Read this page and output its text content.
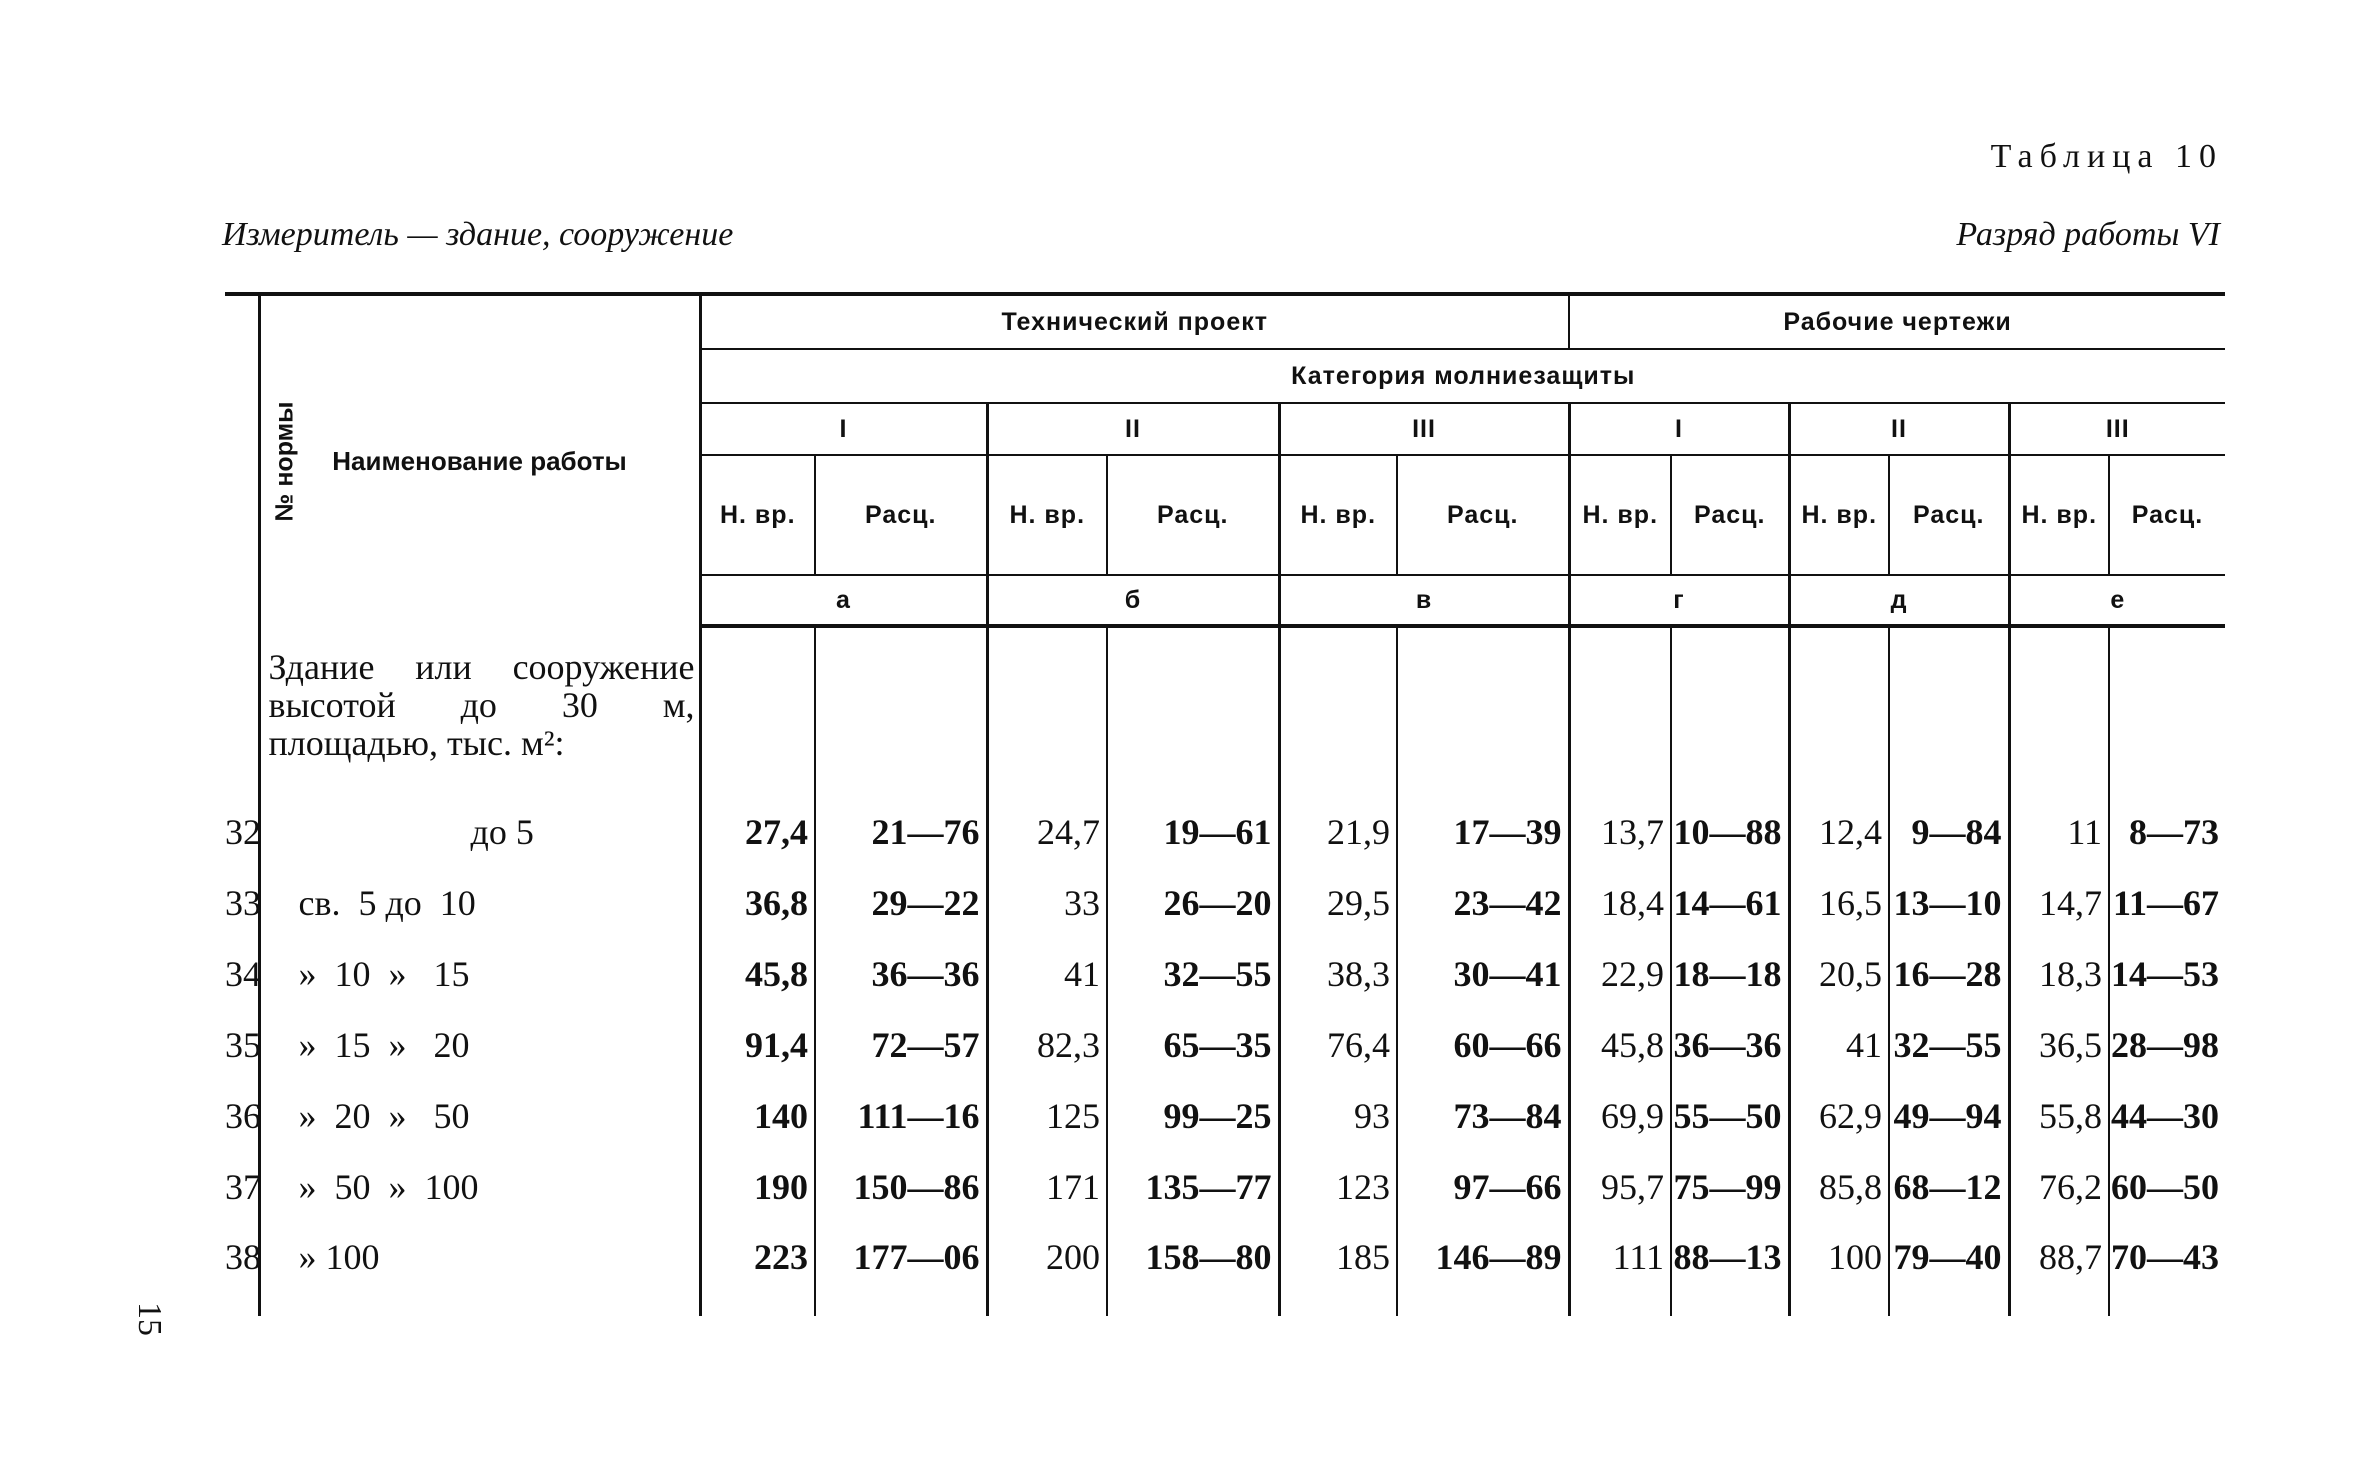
Таблица 10
Измеритель — здание, сооружение	Разряд работы VI
№ нормы	Наименование работы	Технический проект						Рабочие чертежи					
		Категория молниезащиты											
		I		II		III		I		II		III	
		Н. вр.	Расц.	Н. вр.	Расц.	Н. вр.	Расц.	Н. вр.	Расц.	Н. вр.	Расц.	Н. вр.	Расц.
		а		б		в		г		д		е	
	Здание или сооружение высотой до 30 м, площадью, тыс. м²:												
32	до 5	27,4	21—76	24,7	19—61	21,9	17—39	13,7	10—88	12,4	9—84	11	8—73
33	св.  5 до  10	36,8	29—22	33	26—20	29,5	23—42	18,4	14—61	16,5	13—10	14,7	11—67
34	»  10  »   15	45,8	36—36	41	32—55	38,3	30—41	22,9	18—18	20,5	16—28	18,3	14—53
35	»  15  »   20	91,4	72—57	82,3	65—35	76,4	60—66	45,8	36—36	41	32—55	36,5	28—98
36	»  20  »   50	140	111—16	125	99—25	93	73—84	69,9	55—50	62,9	49—94	55,8	44—30
37	»  50  »  100	190	150—86	171	135—77	123	97—66	95,7	75—99	85,8	68—12	76,2	60—50
38	» 100	223	177—06	200	158—80	185	146—89	111	88—13	100	79—40	88,7	70—43
15
